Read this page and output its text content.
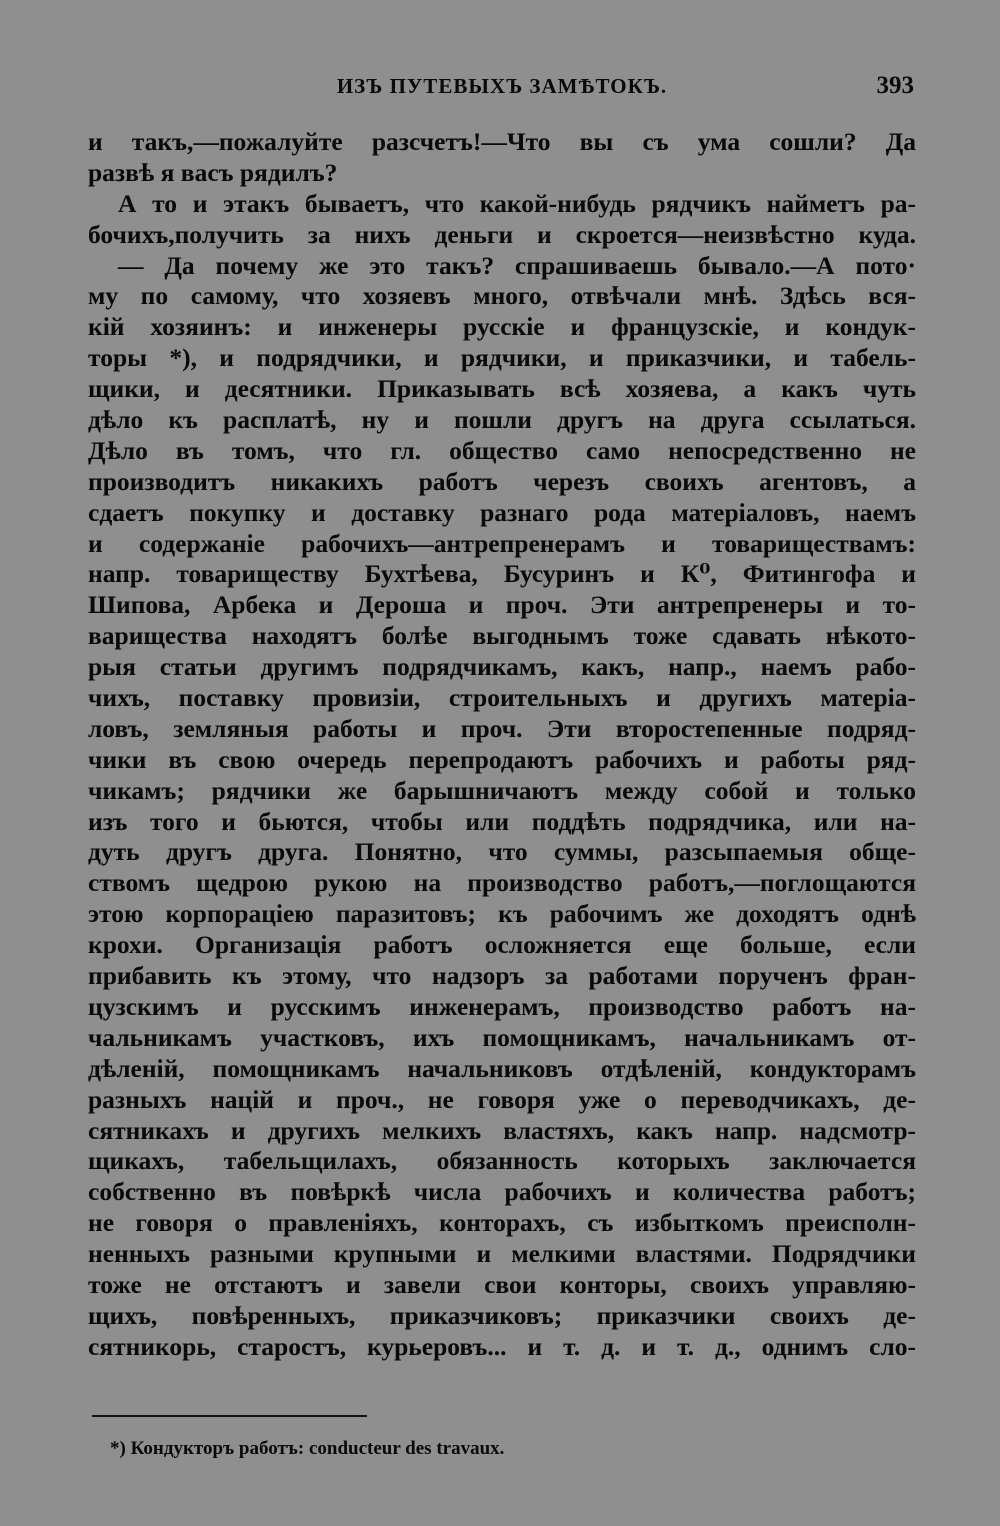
ИЗЪ ПУТЕВЫХЪ ЗАМѢТОКЪ.	393
и такъ,—пожалуйте разсчетъ!—Что вы съ ума сошли? Да
развѣ я васъ рядилъ?
А то и этакъ бываетъ, что какой-нибудь рядчикъ найметъ ра-
бочихъ,получить за нихъ деньги и скроется—неизвѣстно куда.
— Да почему же это такъ? спрашиваешь бывало.—А пото·
му по самому, что хозяевъ много, отвѣчали мнѣ. Здѣсь вся-
кій хозяинъ: и инженеры русскіе и французскіе, и кондук-
торы *), и подрядчики, и рядчики, и приказчики, и табель-
щики, и десятники. Приказывать всѣ хозяева, а какъ чуть
дѣло къ расплатѣ, ну и пошли другъ на друга ссылаться.
Дѣло въ томъ, что гл. общество само непосредственно не
производитъ никакихъ работъ черезъ своихъ агентовъ, а
сдаетъ покупку и доставку разнаго рода матеріаловъ, наемъ
и содержаніе рабочихъ—антрепренерамъ и товариществамъ:
напр. товариществу Бухтѣева, Бусуринъ и К⁰, Фитингофа и
Шипова, Арбека и Дероша и проч. Эти антрепренеры и то-
варищества находятъ болѣе выгоднымъ тоже сдавать нѣкото-
рыя статьи другимъ подрядчикамъ, какъ, напр., наемъ рабо-
чихъ, поставку провизіи, строительныхъ и другихъ матеріа-
ловъ, земляныя работы и проч. Эти второстепенные подряд-
чики въ свою очередь перепродаютъ рабочихъ и работы ряд-
чикамъ; рядчики же барышничаютъ между собой и только
изъ того и бьются, чтобы или поддѣть подрядчика, или на-
дуть другъ друга. Понятно, что суммы, разсыпаемыя обще-
ствомъ щедрою рукою на производство работъ,—поглощаются
этою корпораціею паразитовъ; къ рабочимъ же доходятъ однѣ
крохи. Организація работъ осложняется еще больше, если
прибавить къ этому, что надзоръ за работами порученъ фран-
цузскимъ и русскимъ инженерамъ, производство работъ на-
чальникамъ участковъ, ихъ помощникамъ, начальникамъ от-
дѣленій, помощникамъ начальниковъ отдѣленій, кондукторамъ
разныхъ націй и проч., не говоря уже о переводчикахъ, де-
сятникахъ и другихъ мелкихъ властяхъ, какъ напр. надсмотр-
щикахъ, табельщилахъ, обязанность которыхъ заключается
собственно въ повѣркѣ числа рабочихъ и количества работъ;
не говоря о правленіяхъ, конторахъ, съ избыткомъ преисполн-
ненныхъ разными крупными и мелкими властями. Подрядчики
тоже не отстаютъ и завели свои конторы, своихъ управляю-
щихъ, повѣренныхъ, приказчиковъ; приказчики своихъ де-
сятникорь, старостъ, курьеровъ... и т. д. и т. д., однимъ сло-
*) Кондукторъ работъ: conducteur des travaux.
